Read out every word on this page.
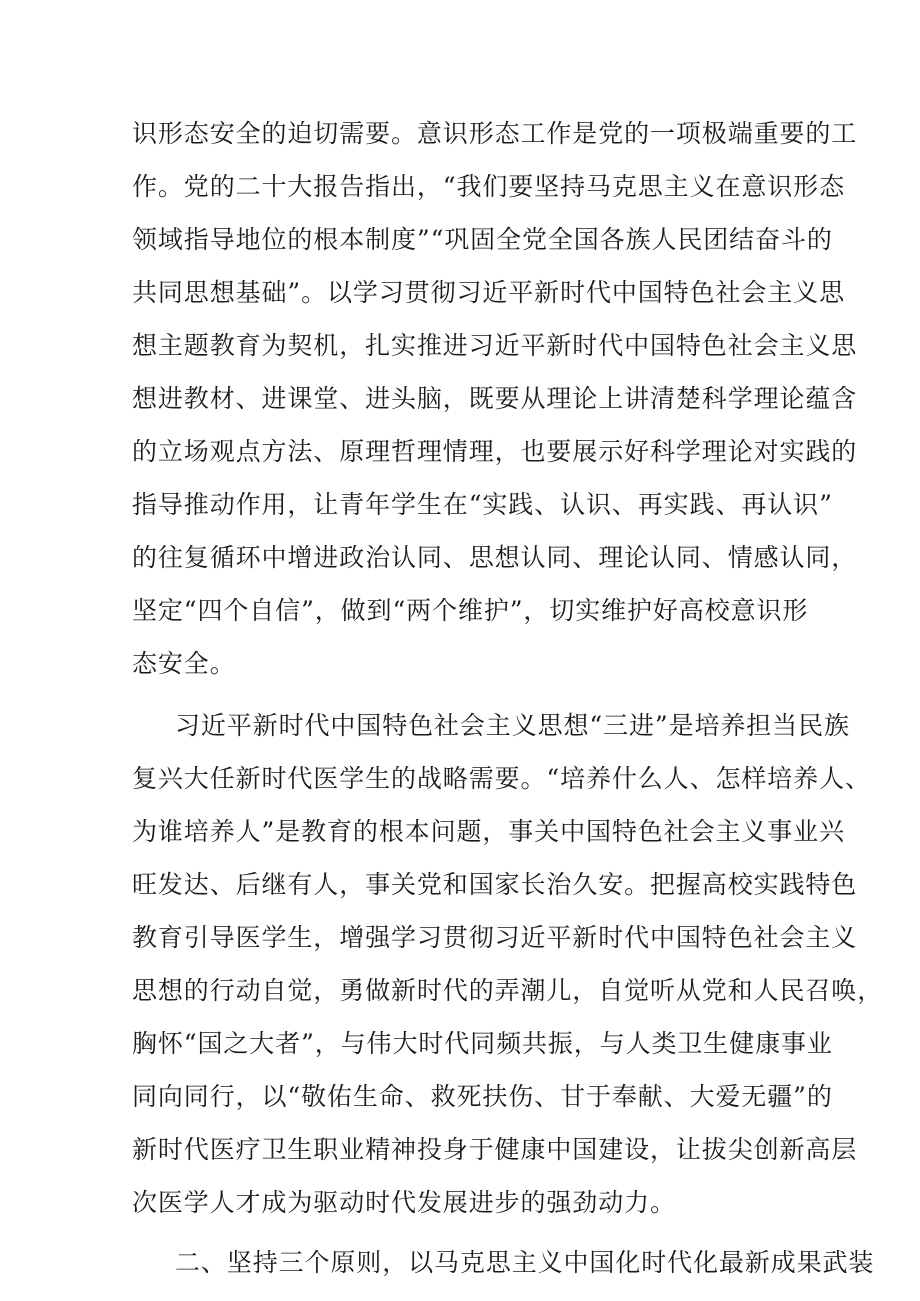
识形态安全的迫切需要。意识形态工作是党的一项极端重要的工

作。党的二十大报告指出，“我们要坚持马克思主义在意识形态

领域指导地位的根本制度”“巩固全党全国各族人民团结奋斗的

共同思想基础”。以学习贯彻习近平新时代中国特色社会主义思

想主题教育为契机，扎实推进习近平新时代中国特色社会主义思

想进教材、进课堂、进头脑，既要从理论上讲清楚科学理论蕴含

的立场观点方法、原理哲理情理，也要展示好科学理论对实践的

指导推动作用，让青年学生在“实践、认识、再实践、再认识”

的往复循环中增进政治认同、思想认同、理论认同、情感认同，

坚定“四个自信”，做到“两个维护”，切实维护好高校意识形

态安全。

习近平新时代中国特色社会主义思想“三进”是培养担当民族

复兴大任新时代医学生的战略需要。“培养什么人、怎样培养人、

为谁培养人”是教育的根本问题，事关中国特色社会主义事业兴

旺发达、后继有人，事关党和国家长治久安。把握高校实践特色

教育引导医学生，增强学习贯彻习近平新时代中国特色社会主义

思想的行动自觉，勇做新时代的弄潮儿，自觉听从党和人民召唤，

胸怀“国之大者”，与伟大时代同频共振，与人类卫生健康事业

同向同行，以“敬佑生命、救死扶伤、甘于奉献、大爱无疆”的

新时代医疗卫生职业精神投身于健康中国建设，让拔尖创新高层

次医学人才成为驱动时代发展进步的强劲动力。

二、坚持三个原则，以马克思主义中国化时代化最新成果武装
